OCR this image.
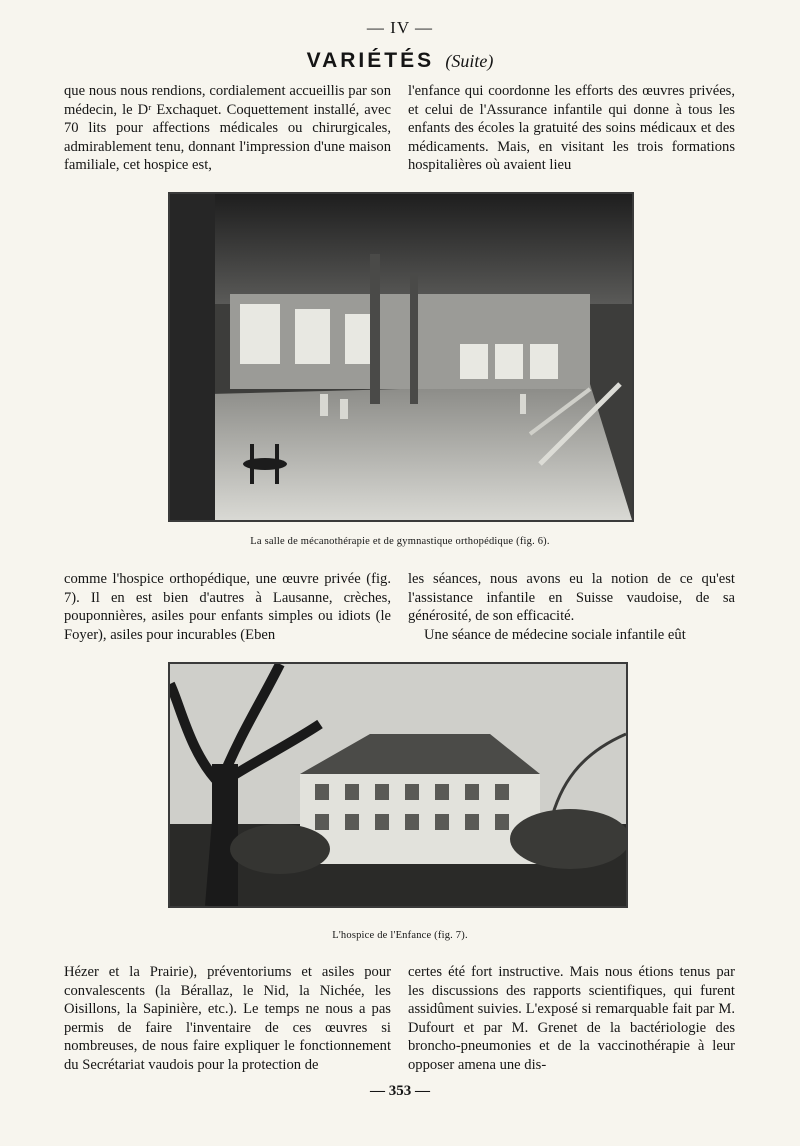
— IV —
VARIÉTÉS (Suite)

que nous nous rendions, cordialement accueillis par son médecin, le Dʳ Exchaquet. Coquettement installé, avec 70 lits pour affections médicales ou chirurgicales, admirablement tenu, donnant l'impression d'une maison familiale, cet hospice est,

l'enfance qui coordonne les efforts des œuvres privées, et celui de l'Assurance infantile qui donne à tous les enfants des écoles la gratuité des soins médicaux et des médicaments. Mais, en visitant les trois formations hospitalières où avaient lieu

La salle de mécanothérapie et de gymnastique orthopédique (fig. 6).

comme l'hospice orthopédique, une œuvre privée (fig. 7). Il en est bien d'autres à Lausanne, crèches, pouponnières, asiles pour enfants simples ou idiots (le Foyer), asiles pour incurables (Eben

les séances, nous avons eu la notion de ce qu'est l'assistance infantile en Suisse vaudoise, de sa générosité, de son efficacité.

Une séance de médecine sociale infantile eût

L'hospice de l'Enfance (fig. 7).

Hézer et la Prairie), préventoriums et asiles pour convalescents (la Bérallaz, le Nid, la Nichée, les Oisillons, la Sapinière, etc.). Le temps ne nous a pas permis de faire l'inventaire de ces œuvres si nombreuses, de nous faire expliquer le fonctionnement du Secrétariat vaudois pour la protection de

certes été fort instructive. Mais nous étions tenus par les discussions des rapports scientifiques, qui furent assidûment suivies. L'exposé si remarquable fait par M. Dufourt et par M. Grenet de la bactériologie des broncho-pneumonies et de la vaccinothérapie à leur opposer amena une dis-

— 353 —
